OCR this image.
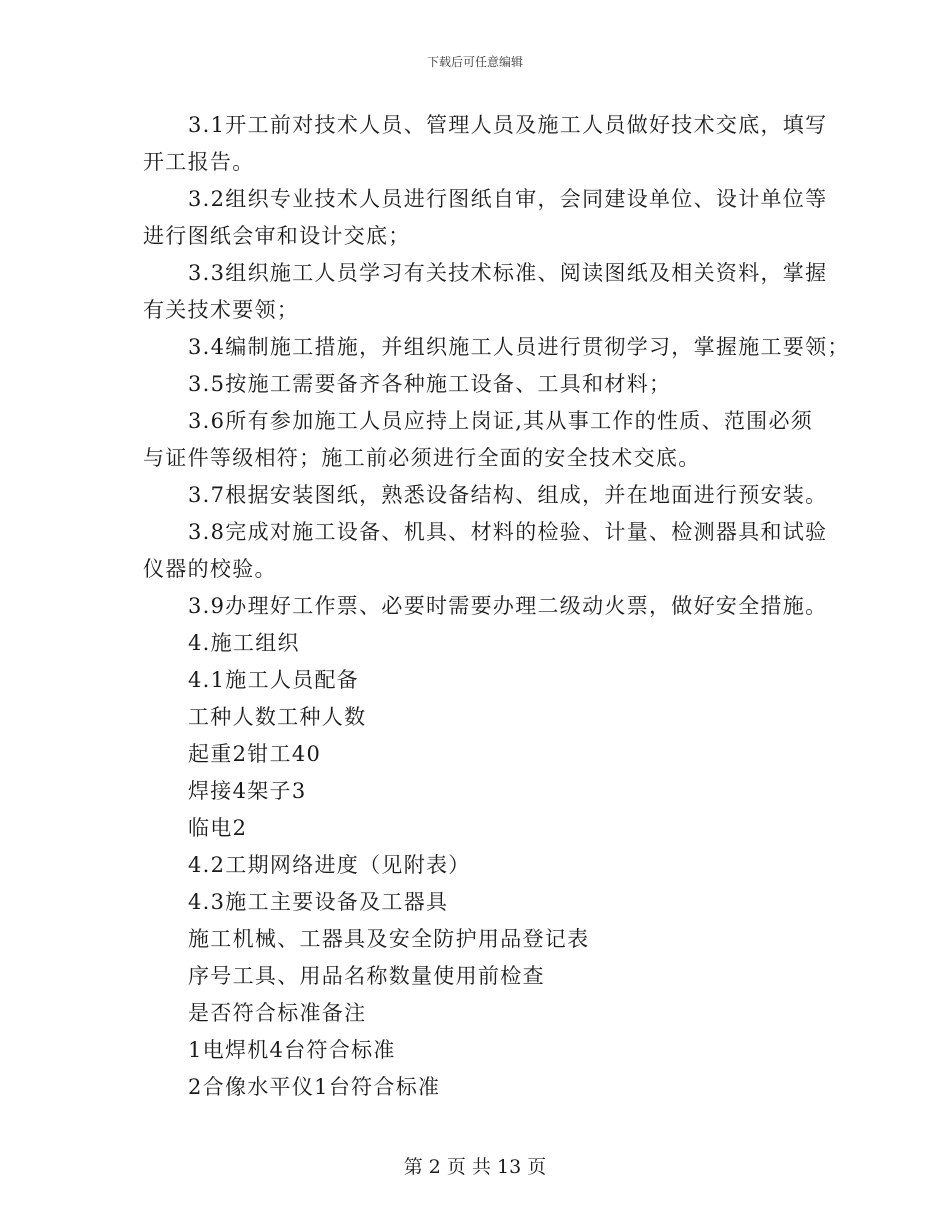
下载后可任意编辑
3.1开工前对技术人员、管理人员及施工人员做好技术交底，填写
开工报告。
3.2组织专业技术人员进行图纸自审，会同建设单位、设计单位等
进行图纸会审和设计交底；
3.3组织施工人员学习有关技术标准、阅读图纸及相关资料，掌握
有关技术要领；
3.4编制施工措施，并组织施工人员进行贯彻学习，掌握施工要领；
3.5按施工需要备齐各种施工设备、工具和材料；
3.6所有参加施工人员应持上岗证,其从事工作的性质、范围必须
与证件等级相符；施工前必须进行全面的安全技术交底。
3.7根据安装图纸，熟悉设备结构、组成，并在地面进行预安装。
3.8完成对施工设备、机具、材料的检验、计量、检测器具和试验
仪器的校验。
3.9办理好工作票、必要时需要办理二级动火票，做好安全措施。
4.施工组织
4.1施工人员配备
工种人数工种人数
起重2钳工40
焊接4架子3
临电2
4.2工期网络进度（见附表）
4.3施工主要设备及工器具
施工机械、工器具及安全防护用品登记表
序号工具、用品名称数量使用前检查
是否符合标准备注
1电焊机4台符合标准
2合像水平仪1台符合标准
第 2 页 共 13 页
